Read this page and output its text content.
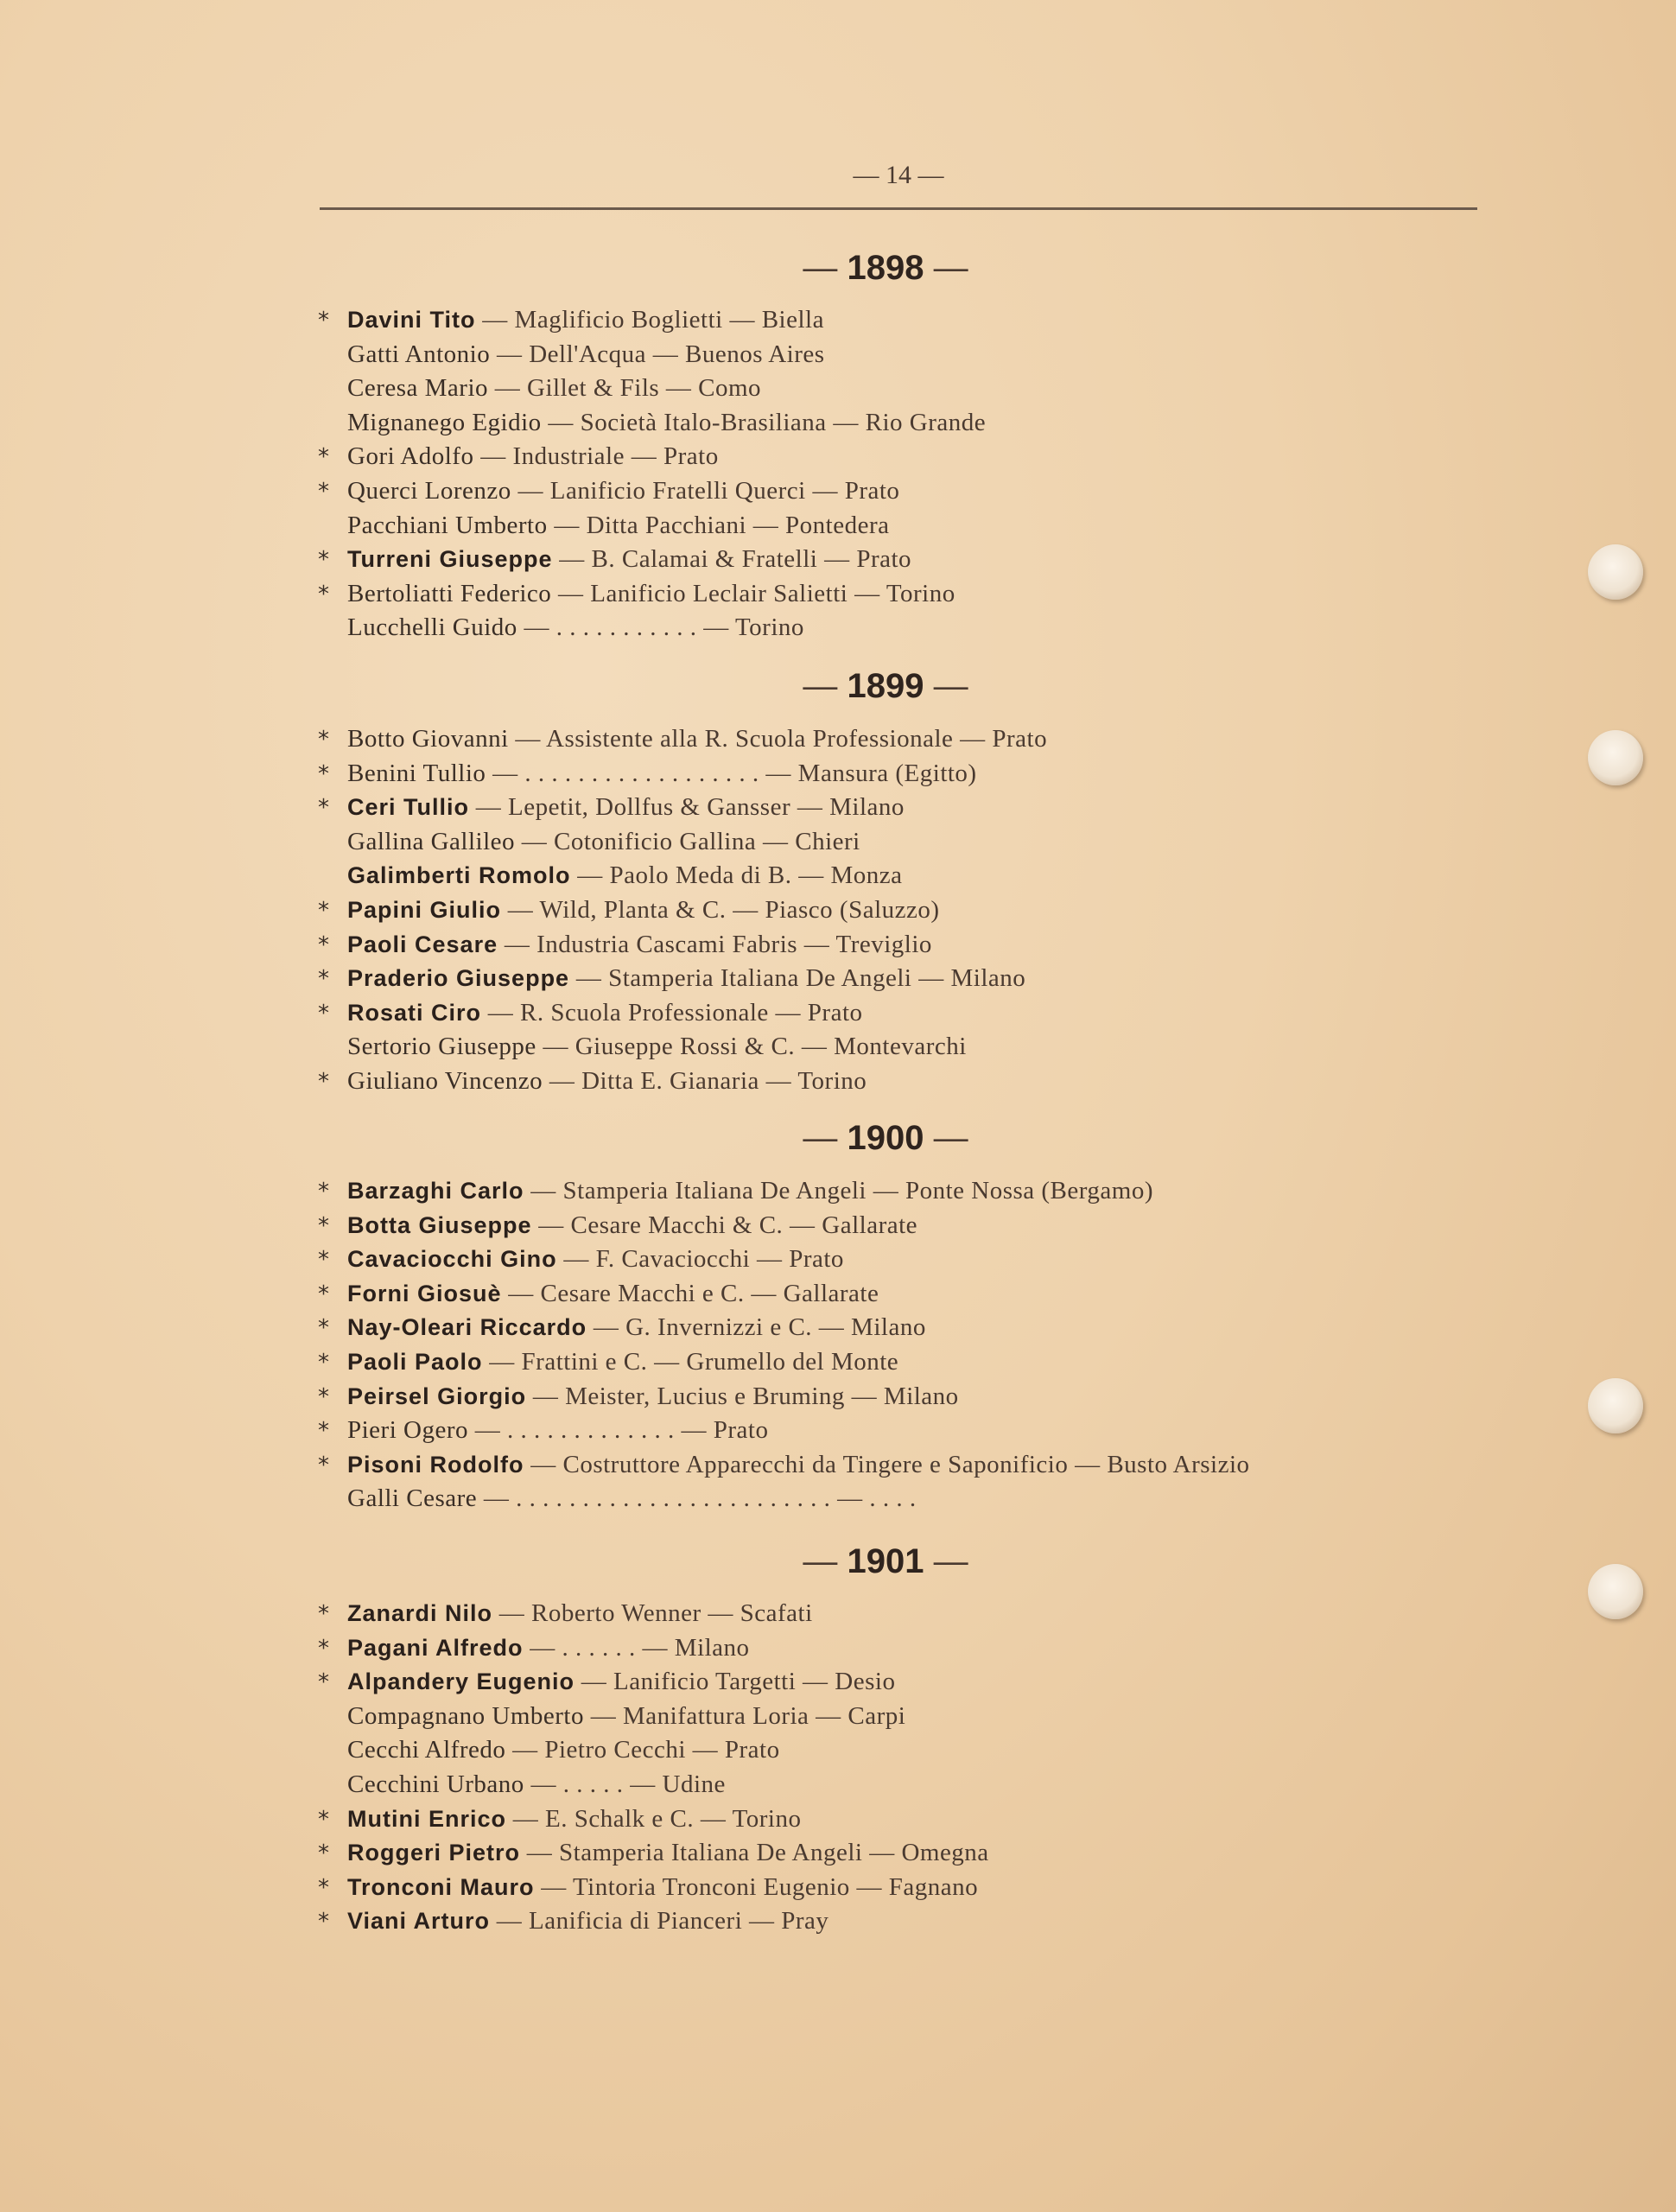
— 14 —
— 1898 —
* Davini Tito — Maglificio Boglietti — Biella
Gatti Antonio — Dell'Acqua — Buenos Aires
Ceresa Mario — Gillet & Fils — Como
Mignanego Egidio — Società Italo-Brasiliana — Rio Grande
* Gori Adolfo — Industriale — Prato
* Querci Lorenzo — Lanificio Fratelli Querci — Prato
Pacchiani Umberto — Ditta Pacchiani — Pontedera
* Turreni Giuseppe — B. Calamai & Fratelli — Prato
* Bertoliatti Federico — Lanificio Leclair Salietti — Torino
Lucchelli Guido — . . . . . . . . . . . — Torino
— 1899 —
* Botto Giovanni — Assistente alla R. Scuola Professionale — Prato
* Benini Tullio — . . . . . . . . . . . . . . . . . . — Mansura (Egitto)
* Ceri Tullio — Lepetit, Dollfus & Gansser — Milano
Gallina Gallileo — Cotonificio Gallina — Chieri
Galimberti Romolo — Paolo Meda di B. — Monza
* Papini Giulio — Wild, Planta & C. — Piasco (Saluzzo)
* Paoli Cesare — Industria Cascami Fabris — Treviglio
* Praderio Giuseppe — Stamperia Italiana De Angeli — Milano
* Rosati Ciro — R. Scuola Professionale — Prato
Sertorio Giuseppe — Giuseppe Rossi & C. — Montevarchi
* Giuliano Vincenzo — Ditta E. Gianaria — Torino
— 1900 —
* Barzaghi Carlo — Stamperia Italiana De Angeli — Ponte Nossa (Bergamo)
* Botta Giuseppe — Cesare Macchi & C. — Gallarate
* Cavaciocchi Gino — F. Cavaciocchi — Prato
* Forni Giosuè — Cesare Macchi e C. — Gallarate
* Nay-Oleari Riccardo — G. Invernizzi e C. — Milano
* Paoli Paolo — Frattini e C. — Grumello del Monte
* Peirsel Giorgio — Meister, Lucius e Bruming — Milano
* Pieri Ogero — . . . . . . . . . . . . . — Prato
* Pisoni Rodolfo — Costruttore Apparecchi da Tingere e Saponificio — Busto Arsizio
Galli Cesare — . . . . . . . . . . . . . . . . . . . . . . . . — . . . .
— 1901 —
* Zanardi Nilo — Roberto Wenner — Scafati
* Pagani Alfredo — . . . . . . — Milano
* Alpandery Eugenio — Lanificio Targetti — Desio
Compagnano Umberto — Manifattura Loria — Carpi
Cecchi Alfredo — Pietro Cecchi — Prato
Cecchini Urbano — . . . . . — Udine
* Mutini Enrico — E. Schalk e C. — Torino
* Roggeri Pietro — Stamperia Italiana De Angeli — Omegna
* Tronconi Mauro — Tintoria Tronconi Eugenio — Fagnano
* Viani Arturo — Lanificia di Pianceri — Pray
